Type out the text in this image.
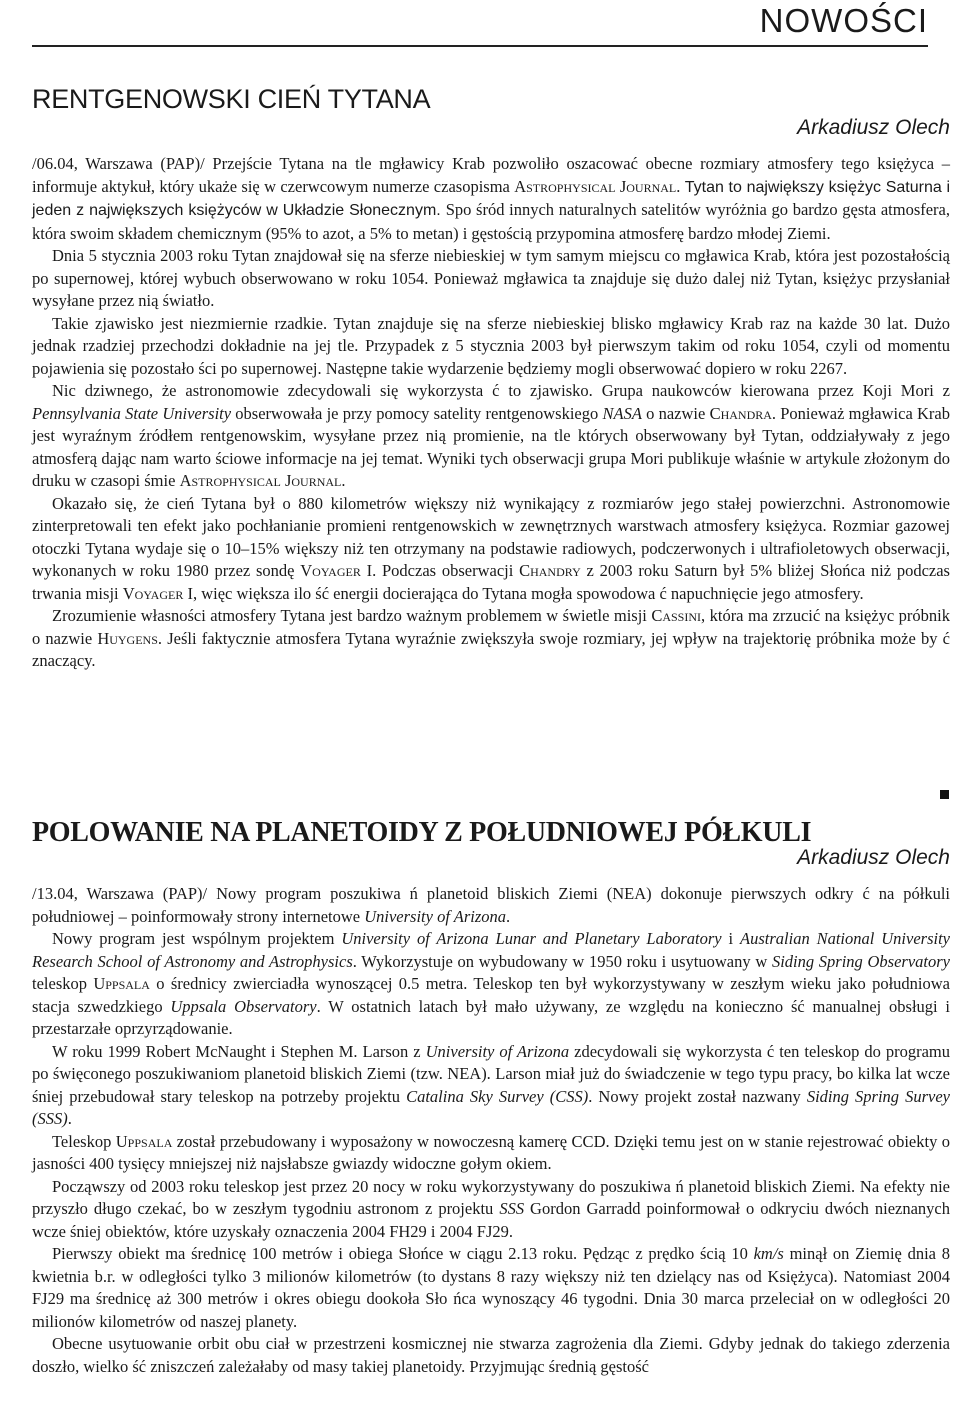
NOWOŚCI
RENTGENOWSKI CIEŃ TYTANA
Arkadiusz Olech

/06.04, Warszawa (PAP)/ Przejście Tytana na tle mgławicy Krab pozwoliło oszacować obecne rozmiary atmosfery tego księżyca – informuje aktykuł, który ukaże się w czerwcowym numerze czasopisma Astrophysical Journal. Tytan to największy księżyc Saturna i jeden z największych księżyców w Układzie Słonecznym. Spo śród innych naturalnych satelitów wyróżnia go bardzo gęsta atmosfera, która swoim składem chemicznym (95% to azot, a 5% to metan) i gęstością przypomina atmosferę bardzo młodej Ziemi.

Dnia 5 stycznia 2003 roku Tytan znajdował się na sferze niebieskiej w tym samym miejscu co mgławica Krab, która jest pozostałością po supernowej, której wybuch obserwowano w roku 1054. Ponieważ mgławica ta znajduje się dużo dalej niż Tytan, księżyc przysłaniał wysyłane przez nią światło.

Takie zjawisko jest niezmiernie rzadkie. Tytan znajduje się na sferze niebieskiej blisko mgławicy Krab raz na każde 30 lat. Dużo jednak rzadziej przechodzi dokładnie na jej tle. Przypadek z 5 stycznia 2003 był pierwszym takim od roku 1054, czyli od momentu pojawienia się pozostało ści po supernowej. Następne takie wydarzenie będziemy mogli obserwować dopiero w roku 2267.

Nic dziwnego, że astronomowie zdecydowali się wykorzysta ć to zjawisko. Grupa naukowców kierowana przez Koji Mori z Pennsylvania State University obserwowała je przy pomocy satelity rentgenowskiego NASA o nazwie Chandra. Ponieważ mgławica Krab jest wyraźnym źródłem rentgenowskim, wysyłane przez nią promienie, na tle których obserwowany był Tytan, oddziaływały z jego atmosferą dając nam warto ściowe informacje na jej temat. Wyniki tych obserwacji grupa Mori publikuje właśnie w artykule złożonym do druku w czasopi śmie Astrophysical Journal.

Okazało się, że cień Tytana był o 880 kilometrów większy niż wynikający z rozmiarów jego stałej powierzchni. Astronomowie zinterpretowali ten efekt jako pochłanianie promieni rentgenowskich w zewnętrznych warstwach atmosfery księżyca. Rozmiar gazowej otoczki Tytana wydaje się o 10–15% większy niż ten otrzymany na podstawie radiowych, podczerwonych i ultrafioletowych obserwacji, wykonanych w roku 1980 przez sondę Voyager I. Podczas obserwacji Chandry z 2003 roku Saturn był 5% bliżej Słońca niż podczas trwania misji Voyager I, więc większa ilo ść energii docierająca do Tytana mogła spowodowa ć napuchnięcie jego atmosfery.

Zrozumienie własności atmosfery Tytana jest bardzo ważnym problemem w świetle misji Cassini, która ma zrzucić na księżyc próbnik o nazwie Huygens. Jeśli faktycznie atmosfera Tytana wyraźnie zwiększyła swoje rozmiary, jej wpływ na trajektorię próbnika może by ć znaczący.

POLOWANIE NA PLANETOIDY Z POŁUDNIOWEJ PÓŁKULI
Arkadiusz Olech

/13.04, Warszawa (PAP)/ Nowy program poszukiwa ń planetoid bliskich Ziemi (NEA) dokonuje pierwszych odkry ć na półkuli południowej – poinformowały strony internetowe University of Arizona.

Nowy program jest wspólnym projektem University of Arizona Lunar and Planetary Laboratory i Australian National University Research School of Astronomy and Astrophysics. Wykorzystuje on wybudowany w 1950 roku i usytuowany w Siding Spring Observatory teleskop Uppsala o średnicy zwierciadła wynoszącej 0.5 metra. Teleskop ten był wykorzystywany w zeszłym wieku jako południowa stacja szwedzkiego Uppsala Observatory. W ostatnich latach był mało używany, ze względu na konieczno ść manualnej obsługi i przestarzałe oprzyrządowanie.

W roku 1999 Robert McNaught i Stephen M. Larson z University of Arizona zdecydowali się wykorzysta ć ten teleskop do programu po święconego poszukiwaniom planetoid bliskich Ziemi (tzw. NEA). Larson miał już do świadczenie w tego typu pracy, bo kilka lat wcze śniej przebudował stary teleskop na potrzeby projektu Catalina Sky Survey (CSS). Nowy projekt został nazwany Siding Spring Survey (SSS).

Teleskop Uppsala został przebudowany i wyposażony w nowoczesną kamerę CCD. Dzięki temu jest on w stanie rejestrować obiekty o jasności 400 tysięcy mniejszej niż najsłabsze gwiazdy widoczne gołym okiem.

Począwszy od 2003 roku teleskop jest przez 20 nocy w roku wykorzystywany do poszukiwa ń planetoid bliskich Ziemi. Na efekty nie przyszło długo czekać, bo w zeszłym tygodniu astronom z projektu SSS Gordon Garradd poinformował o odkryciu dwóch nieznanych wcze śniej obiektów, które uzyskały oznaczenia 2004 FH29 i 2004 FJ29.

Pierwszy obiekt ma średnicę 100 metrów i obiega Słońce w ciągu 2.13 roku. Pędząc z prędko ścią 10 km/s minął on Ziemię dnia 8 kwietnia b.r. w odległości tylko 3 milionów kilometrów (to dystans 8 razy większy niż ten dzielący nas od Księżyca). Natomiast 2004 FJ29 ma średnicę aż 300 metrów i okres obiegu dookoła Sło ńca wynoszący 46 tygodni. Dnia 30 marca przeleciał on w odległości 20 milionów kilometrów od naszej planety.

Obecne usytuowanie orbit obu ciał w przestrzeni kosmicznej nie stwarza zagrożenia dla Ziemi. Gdyby jednak do takiego zderzenia doszło, wielko ść zniszczeń zależałaby od masy takiej planetoidy. Przyjmując średnią gęstość
